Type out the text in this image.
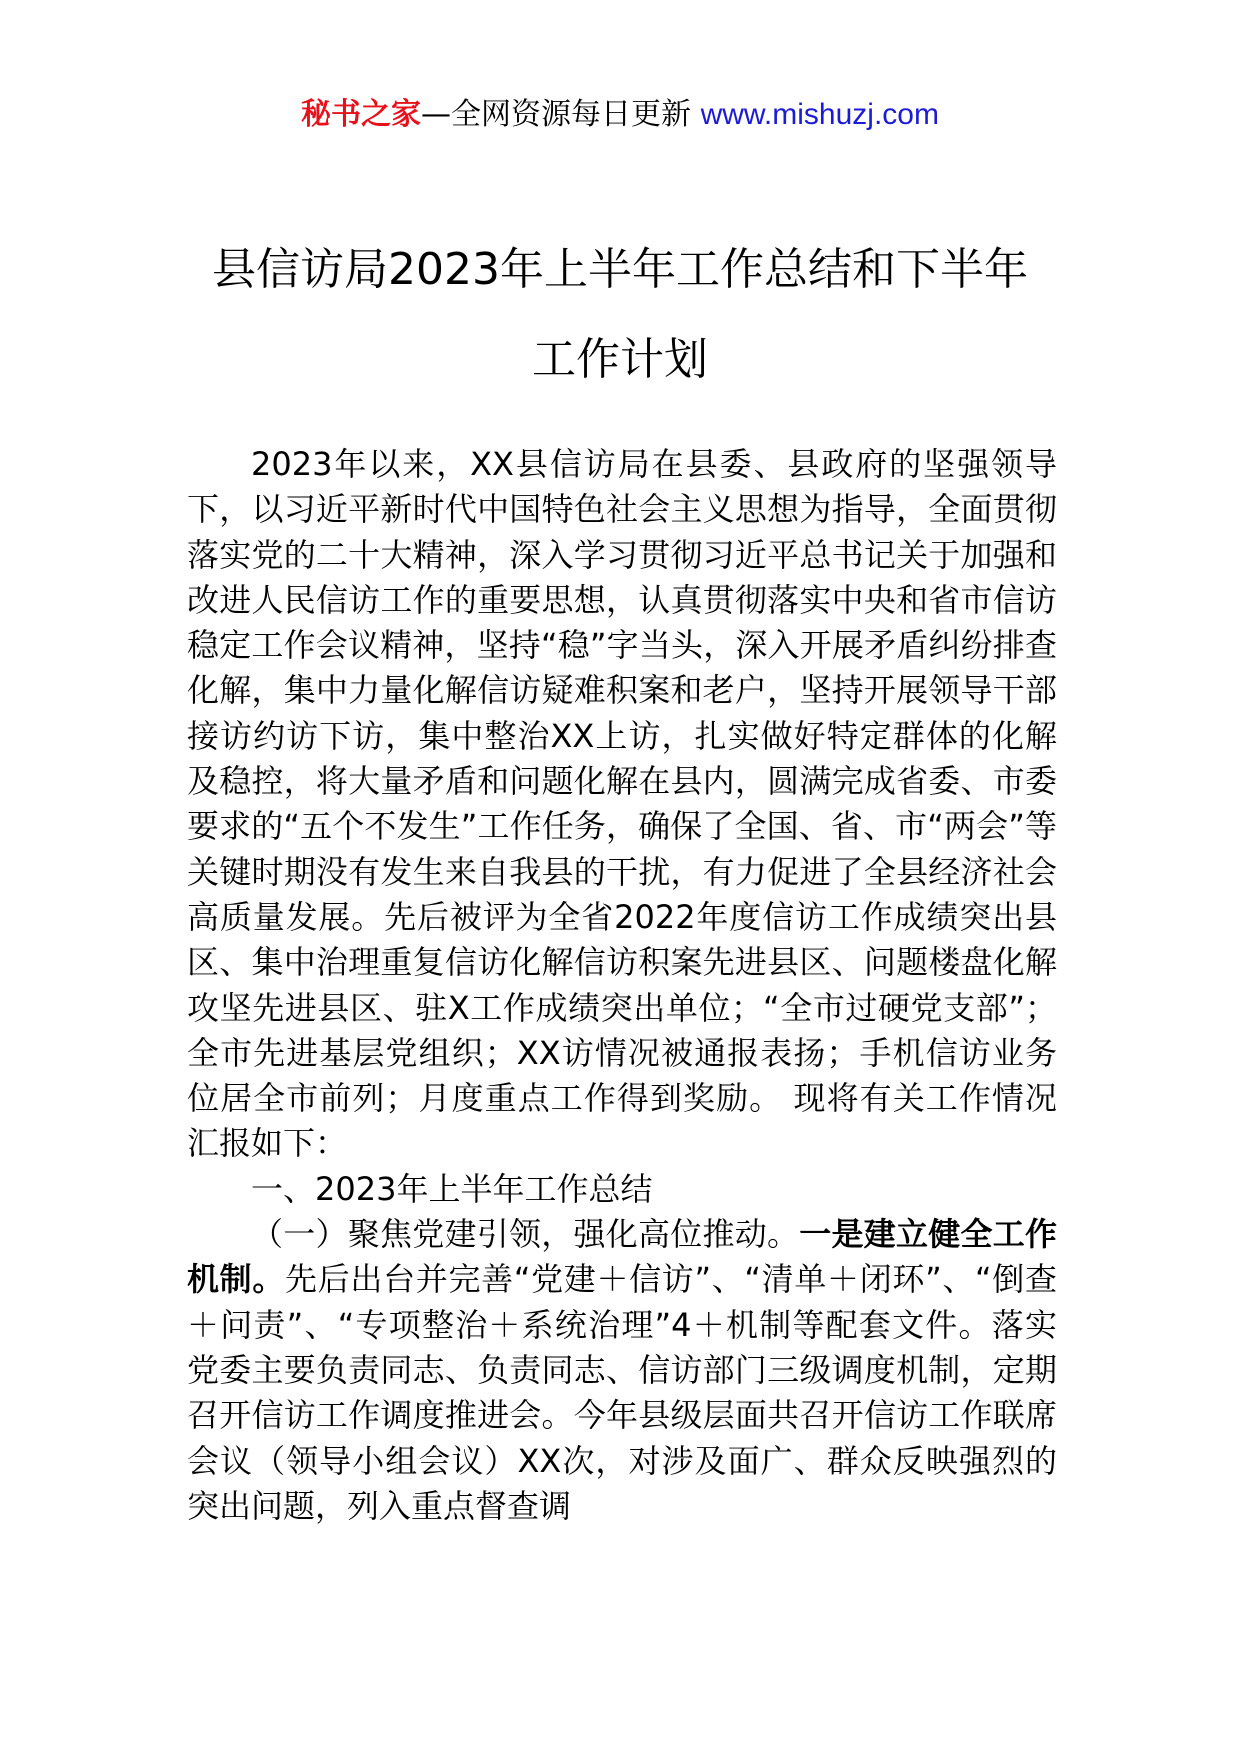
秘书之家—全网资源每日更新 www.mishuzj.com
县信访局2023年上半年工作总结和下半年
工作计划

2023年以来，XX县信访局在县委、县政府的坚强领导下，以习近平新时代中国特色社会主义思想为指导，全面贯彻落实党的二十大精神，深入学习贯彻习近平总书记关于加强和改进人民信访工作的重要思想，认真贯彻落实中央和省市信访稳定工作会议精神，坚持“稳”字当头，深入开展矛盾纠纷排查化解，集中力量化解信访疑难积案和老户，坚持开展领导干部接访约访下访，集中整治XX上访，扎实做好特定群体的化解及稳控，将大量矛盾和问题化解在县内，圆满完成省委、市委要求的“五个不发生”工作任务，确保了全国、省、市“两会”等关键时期没有发生来自我县的干扰，有力促进了全县经济社会高质量发展。先后被评为全省2022年度信访工作成绩突出县区、集中治理重复信访化解信访积案先进县区、问题楼盘化解攻坚先进县区、驻X工作成绩突出单位；“全市过硬党支部”；全市先进基层党组织；XX访情况被通报表扬；手机信访业务位居全市前列；月度重点工作得到奖励。 现将有关工作情况汇报如下：

一、2023年上半年工作总结

（一）聚焦党建引领，强化高位推动。一是建立健全工作机制。先后出台并完善“党建＋信访”、“清单＋闭环”、“倒查＋问责”、“专项整治＋系统治理”4＋机制等配套文件。落实党委主要负责同志、负责同志、信访部门三级调度机制，定期召开信访工作调度推进会。今年县级层面共召开信访工作联席会议（领导小组会议）XX次，对涉及面广、群众反映强烈的突出问题，列入重点督查调
